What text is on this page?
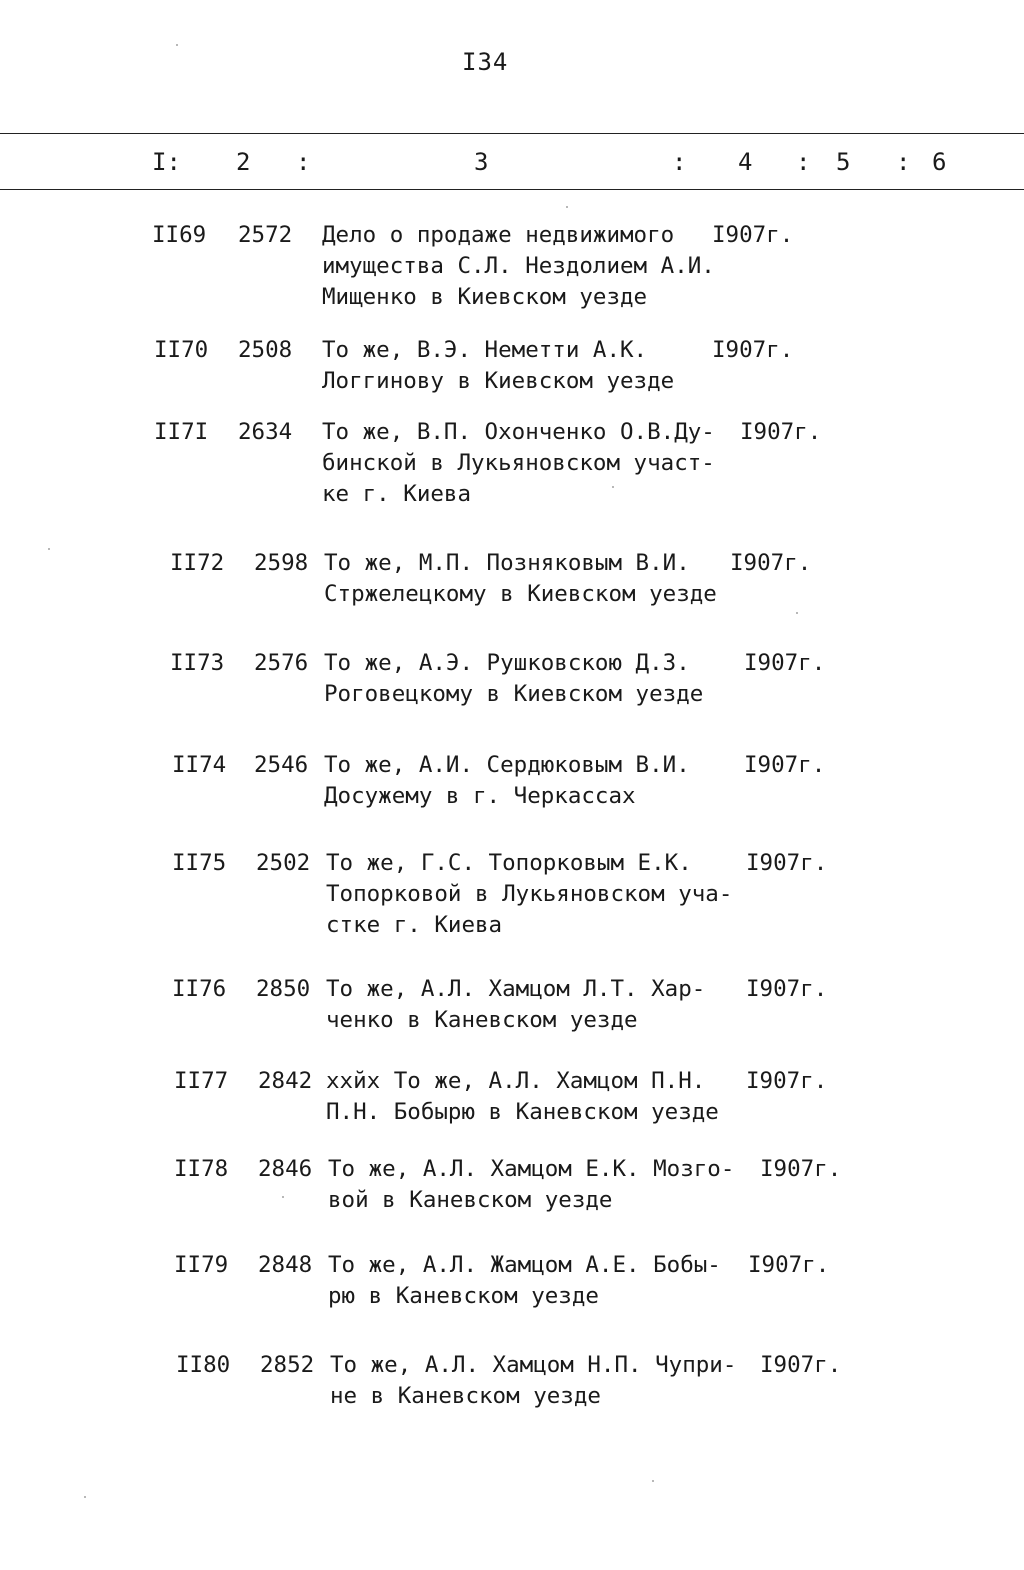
I34
I: 2 :	3	: 4 : 5 : 6
II69 2572 Дело о продаже недвижимого
имущества С.Л. Нездолием А.И.
Мищенко в Киевском уезде
I907г.
II70 2508 То же, В.Э. Неметти А.К.
Логгинову в Киевском уезде
I907г.
II7I 2634 То же, В.П. Охонченко О.В.Ду-
бинской в Лукьяновском участ-
ке г. Киева
I907г.
II72 2598 То же, М.П. Позняковым В.И.
Стржелецкому в Киевском уезде
I907г.
II73 2576 То же, А.Э. Рушковскою Д.З.
Роговецкому в Киевском уезде
I907г.
II74 2546 То же, А.И. Сердюковым В.И.
Досужему в г. Черкассах
I907г.
II75 2502 То же, Г.С. Топорковым Е.К.
Топорковой в Лукьяновском уча-
стке г. Киева
I907г.
II76 2850 То же, А.Л. Хамцом Л.Т. Хар-
ченко в Каневском уезде
I907г.
II77 2842 ххйх То же, А.Л. Хамцом П.Н.
П.Н. Бобырю в Каневском уезде
I907г.
II78 2846 То же, А.Л. Хамцом Е.К. Мозго-
вой в Каневском уезде
I907г.
II79 2848 То же, А.Л. Жамцом А.Е. Бобы-
рю в Каневском уезде
I907г.
II80 2852 То же, А.Л. Хамцом Н.П. Чупри-
не в Каневском уезде
I907г.
